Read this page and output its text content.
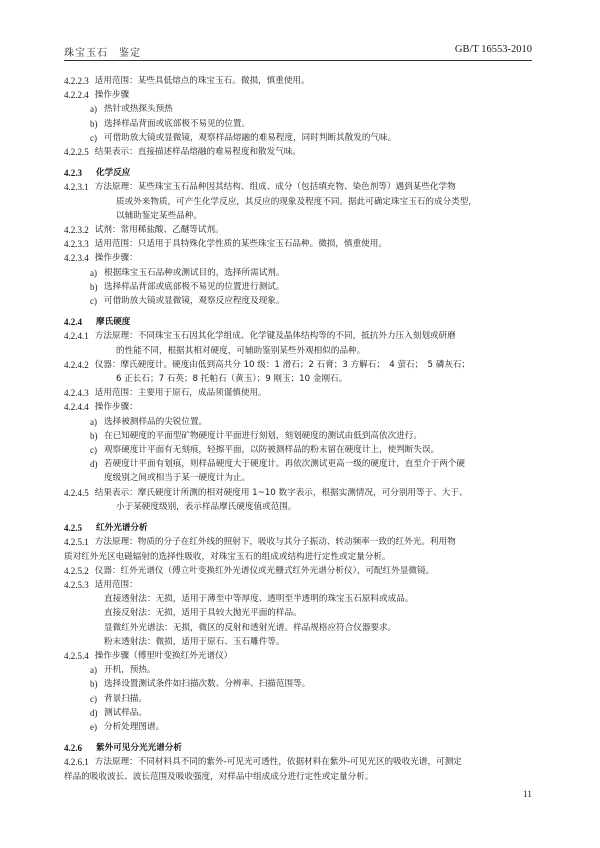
珠宝玉石　鉴定	GB/T 16553-2010
4.2.2.3 适用范围：某些具低熔点的珠宝玉石。微损，慎重使用。
4.2.2.4 操作步骤
a) 热针或热探头预热
b) 选择样品背面或底部极不易见的位置。
c) 可借助放大镜或显微镜，观察样品熔融的难易程度，同时判断其散发的气味。
4.2.2.5 结果表示：直接描述样品熔融的难易程度和散发气味。
4.2.3 化学反应
4.2.3.1 方法原理：某些珠宝玉石品种因其结构、组成、成分（包括填充物、染色剂等）遇到某些化学物
质或外来物质，可产生化学反应，其反应的现象及程度不同。据此可确定珠宝玉石的成分类型，
以辅助鉴定某些品种。
4.2.3.2 试剂：常用稀盐酸、乙醚等试剂。
4.2.3.3 适用范围：只适用于具特殊化学性质的某些珠宝玉石品种。微损，慎重使用。
4.2.3.4 操作步骤：
a) 根据珠宝玉石品种或测试目的，选择所需试剂。
b) 选择样品背部或底部极不易见的位置进行测试。
c) 可借助放大镜或显微镜，观察反应程度及现象。
4.2.4 摩氏硬度
4.2.4.1 方法原理：不同珠宝玉石因其化学组成、化学键及晶体结构等的不同，抵抗外力压入刻划或研磨
的性能不同，根据其相对硬度，可辅助鉴别某些外观相似的品种。
4.2.4.2 仪器：摩氏硬度计。硬度由低到高共分 10 级：1 滑石；2 石膏；3 方解石；　4 萤石；　5 磷灰石；
6 正长石；7 石英；8 托帕石（黄玉）；9 刚玉；10 金刚石。
4.2.4.3 适用范围：主要用于原石，成品须谨慎使用。
4.2.4.4 操作步骤：
a) 选择被测样品的尖锐位置。
b) 在已知硬度的平面型矿物硬度计平面进行刻划，刻划硬度的测试由低到高依次进行。
c) 观察硬度计平面有无刻痕，轻擦平面，以防被测样品的粉末留在硬度计上，使判断失误。
d) 若硬度计平面有划痕，则样品硬度大于硬度计。再依次测试更高一级的硬度计，直至介于两个硬
度级别之间或相当于某一硬度计为止。
4.2.4.5 结果表示：摩氏硬度计所测的相对硬度用 1~10 数字表示，根据实测情况，可分别用等于、大于、
小于某硬度级别，表示样品摩氏硬度值或范围。
4.2.5 红外光谱分析
4.2.5.1 方法原理：物质的分子在红外线的照射下，吸收与其分子振动、转动频率一致的红外光。利用物
质对红外光区电磁辐射的选择性吸收，对珠宝玉石的组成或结构进行定性或定量分析。
4.2.5.2 仪器：红外光谱仪（傅立叶变换红外光谱仪或光栅式红外光谱分析仪），可配红外显微镜。
4.2.5.3 适用范围：
直接透射法：无损，适用于薄至中等厚度、透明至半透明的珠宝玉石原料或成品。
直接反射法：无损，适用于具较大抛光平面的样品。
显微红外光谱法：无损，微区的反射和透射光谱。样品规格应符合仪器要求。
粉末透射法：微损，适用于原石、玉石雕件等。
4.2.5.4 操作步骤（傅里叶变换红外光谱仪）
a) 开机，预热。
b) 选择设置测试条件如扫描次数、分辨率、扫描范围等。
c) 背景扫描。
d) 测试样品。
e) 分析处理图谱。
4.2.6 紫外可见分光光谱分析
4.2.6.1 方法原理：不同材料具不同的紫外-可见光可透性，依据材料在紫外-可见光区的吸收光谱，可测定
样品的吸收波长、波长范围及吸收强度，对样品中组成成分进行定性或定量分析。
11
